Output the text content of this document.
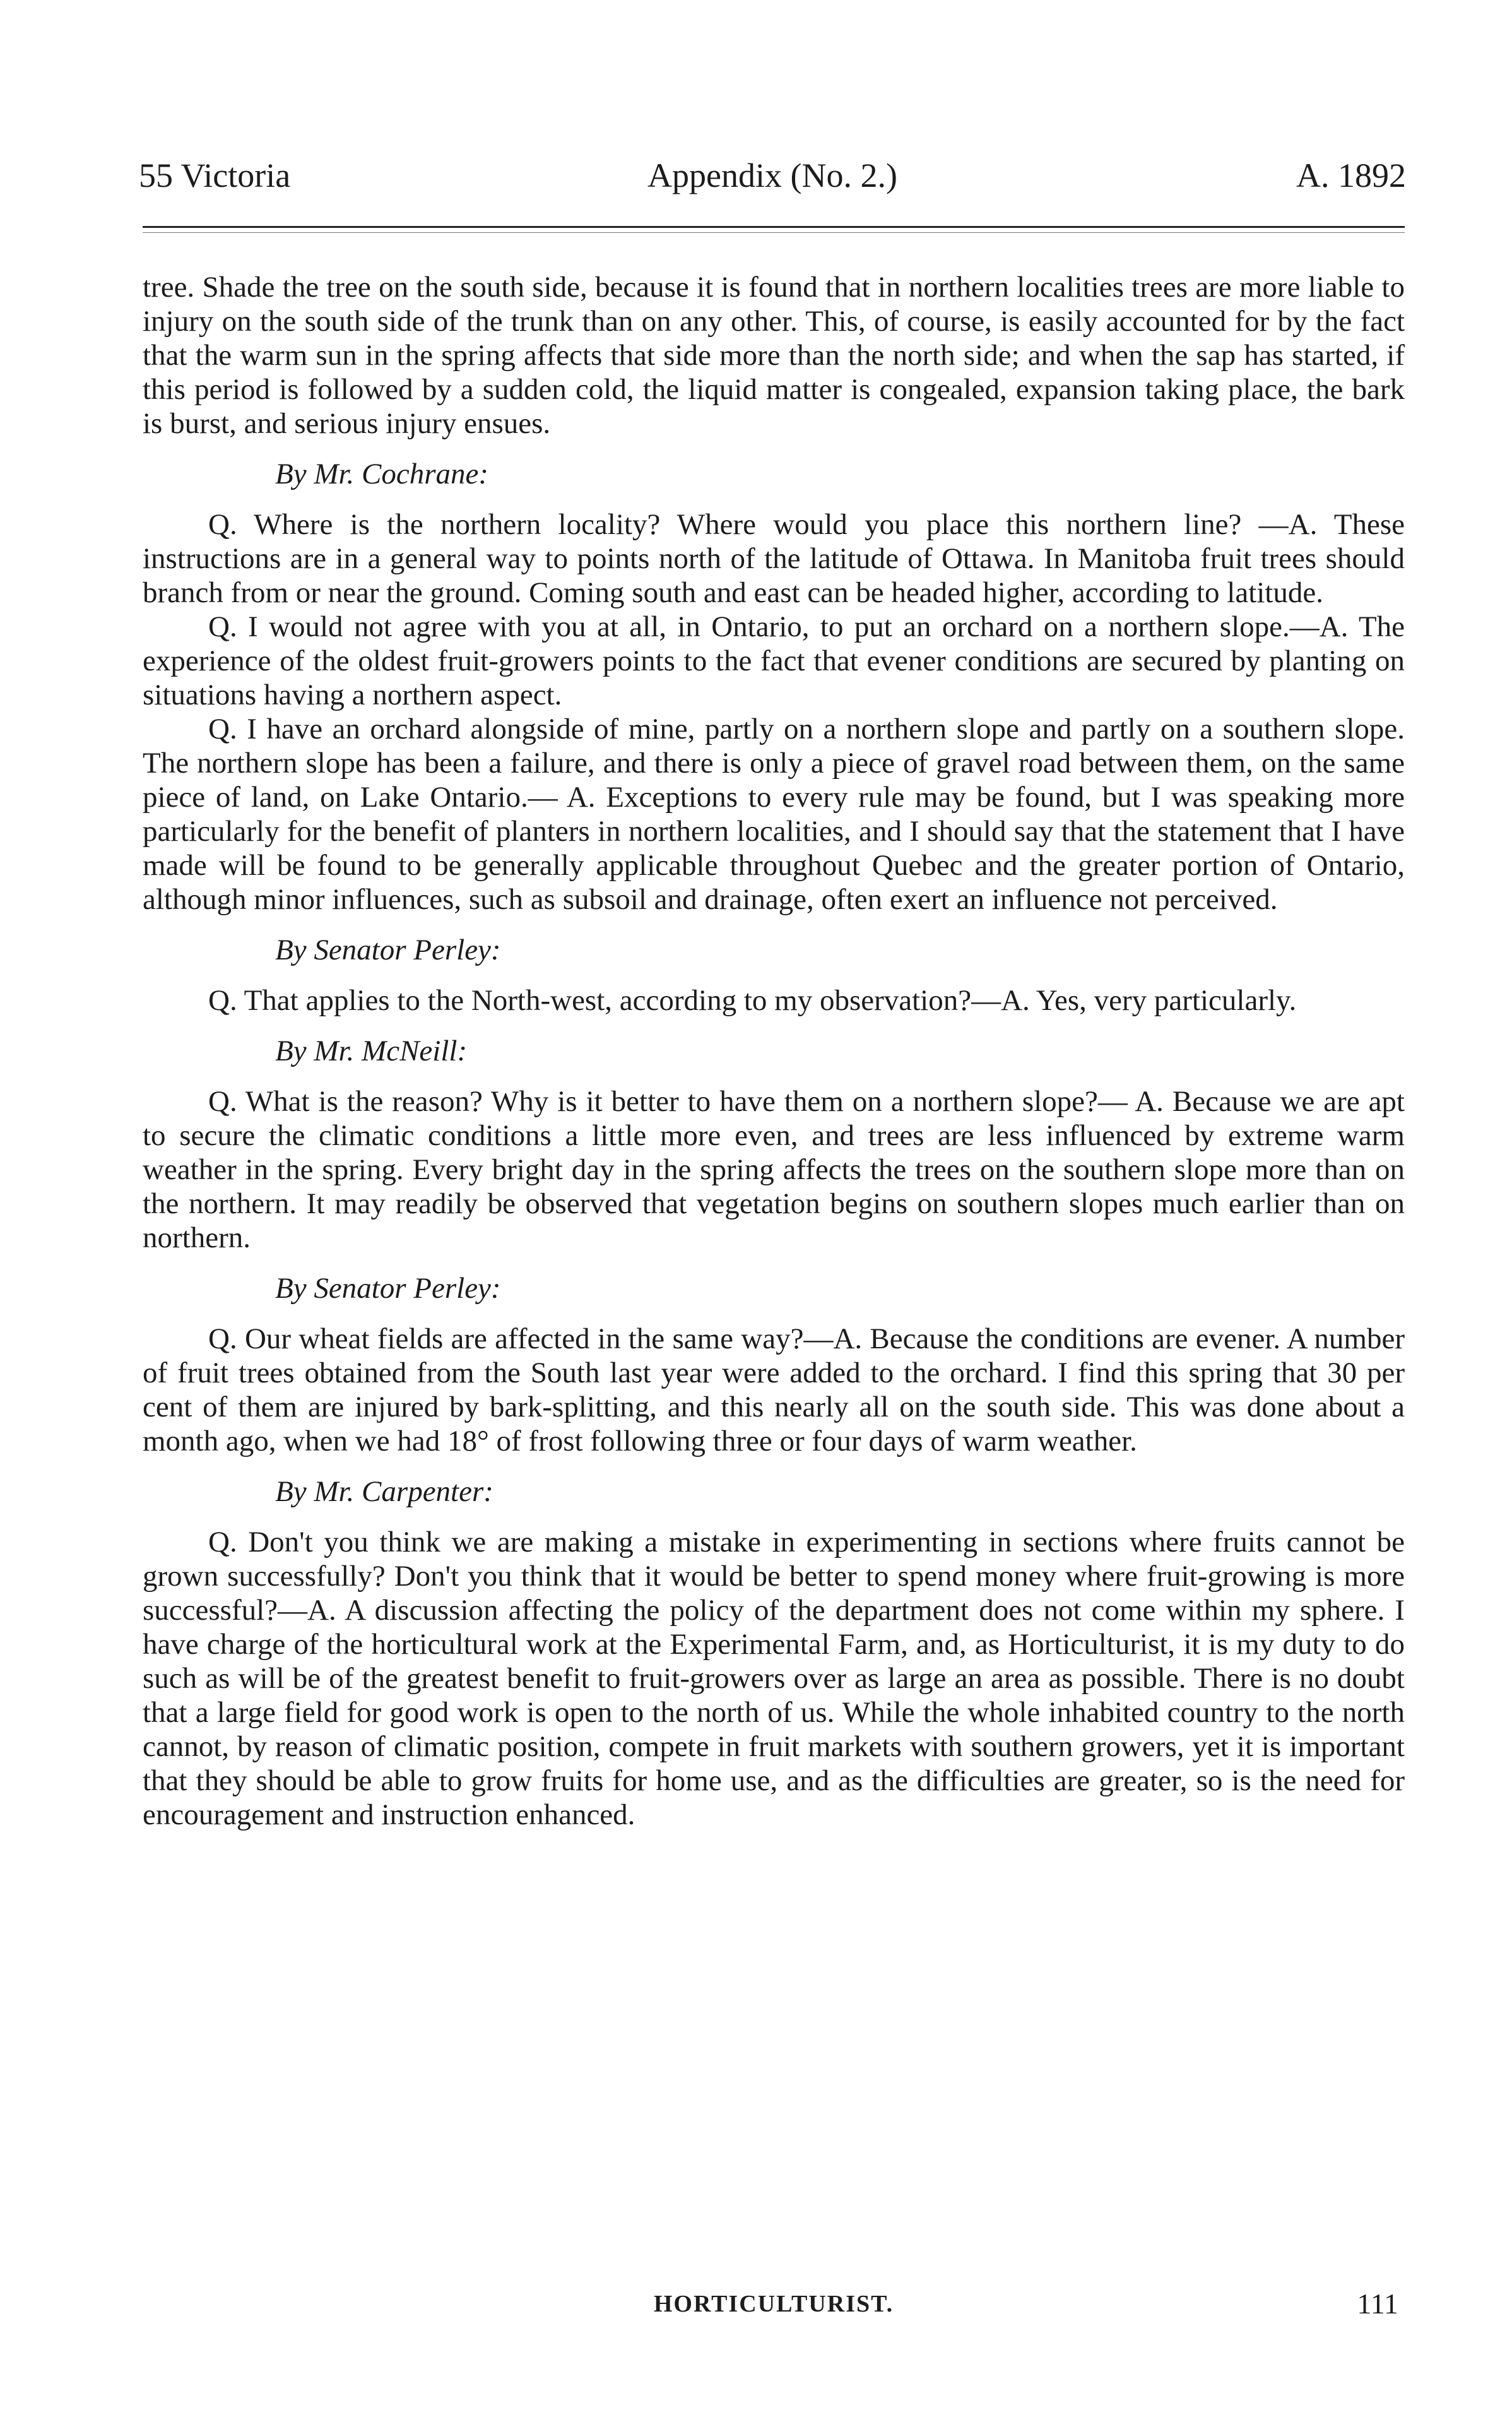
55 Victoria	Appendix (No. 2.)	A. 1892

tree. Shade the tree on the south side, because it is found that in northern localities trees are more liable to injury on the south side of the trunk than on any other. This, of course, is easily accounted for by the fact that the warm sun in the spring affects that side more than the north side; and when the sap has started, if this period is followed by a sudden cold, the liquid matter is congealed, expansion taking place, the bark is burst, and serious injury ensues.

By Mr. Cochrane:

Q. Where is the northern locality? Where would you place this northern line? —A. These instructions are in a general way to points north of the latitude of Ottawa. In Manitoba fruit trees should branch from or near the ground. Coming south and east can be headed higher, according to latitude.

Q. I would not agree with you at all, in Ontario, to put an orchard on a northern slope.—A. The experience of the oldest fruit-growers points to the fact that evener conditions are secured by planting on situations having a northern aspect.

Q. I have an orchard alongside of mine, partly on a northern slope and partly on a southern slope. The northern slope has been a failure, and there is only a piece of gravel road between them, on the same piece of land, on Lake Ontario.— A. Exceptions to every rule may be found, but I was speaking more particularly for the benefit of planters in northern localities, and I should say that the statement that I have made will be found to be generally applicable throughout Quebec and the greater portion of Ontario, although minor influences, such as subsoil and drainage, often exert an influence not perceived.

By Senator Perley:

Q. That applies to the North-west, according to my observation?—A. Yes, very particularly.

By Mr. McNeill:

Q. What is the reason? Why is it better to have them on a northern slope?— A. Because we are apt to secure the climatic conditions a little more even, and trees are less influenced by extreme warm weather in the spring. Every bright day in the spring affects the trees on the southern slope more than on the northern. It may readily be observed that vegetation begins on southern slopes much earlier than on northern.

By Senator Perley:

Q. Our wheat fields are affected in the same way?—A. Because the conditions are evener. A number of fruit trees obtained from the South last year were added to the orchard. I find this spring that 30 per cent of them are injured by bark-splitting, and this nearly all on the south side. This was done about a month ago, when we had 18° of frost following three or four days of warm weather.

By Mr. Carpenter:

Q. Don't you think we are making a mistake in experimenting in sections where fruits cannot be grown successfully? Don't you think that it would be better to spend money where fruit-growing is more successful?—A. A discussion affecting the policy of the department does not come within my sphere. I have charge of the horticultural work at the Experimental Farm, and, as Horticulturist, it is my duty to do such as will be of the greatest benefit to fruit-growers over as large an area as possible. There is no doubt that a large field for good work is open to the north of us. While the whole inhabited country to the north cannot, by reason of climatic position, compete in fruit markets with southern growers, yet it is important that they should be able to grow fruits for home use, and as the difficulties are greater, so is the need for encouragement and instruction enhanced.

HORTICULTURIST.	111
